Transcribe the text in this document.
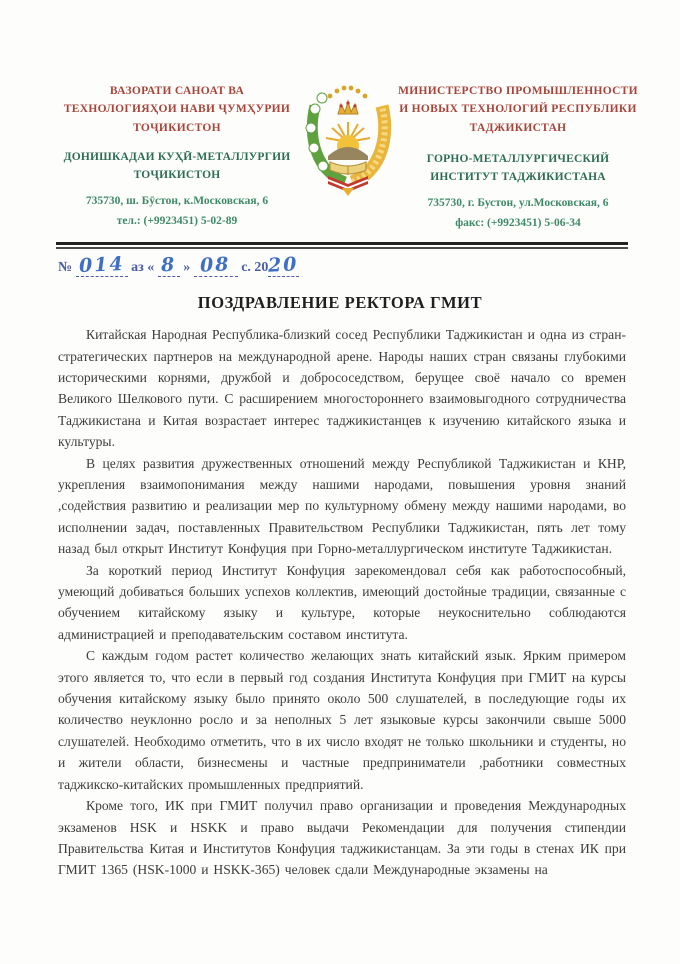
ВАЗОРАТИ САНОАТ ВА ТЕХНОЛОГИЯҲОИ НАВИ ҶУМҲУРИИ ТОҶИКИСТОН
ДОНИШКАДАИ КУҲӢ-МЕТАЛЛУРГИИ ТОҶИКИСТОН
735730, ш. Бӯстон, к.Московская, 6
тел.: (+9923451) 5-02-89
МИНИСТЕРСТВО ПРОМЫШЛЕННОСТИ И НОВЫХ ТЕХНОЛОГИЙ РЕСПУБЛИКИ ТАДЖИКИСТАН
ГОРНО-МЕТАЛЛУРГИЧЕСКИЙ ИНСТИТУТ ТАДЖИКИСТАНА
735730, г. Бустон, ул.Московская, 6
факс: (+9923451) 5-06-34
№ 014 аз « 8 » 08 с. 2020
ПОЗДРАВЛЕНИЕ РЕКТОРА ГМИТ

Китайская Народная Республика-близкий сосед Республики Таджикистан и одна из стран-стратегических партнеров на международной арене. Народы наших стран связаны глубокими историческими корнями, дружбой и добрососедством, берущее своё начало со времен Великого Шелкового пути. С расширением многостороннего взаимовыгодного сотрудничества Таджикистана и Китая возрастает интерес таджикистанцев к изучению китайского языка и культуры.

В целях развития дружественных отношений между Республикой Таджикистан и КНР, укрепления взаимопонимания между нашими народами, повышения уровня знаний ,содействия развитию и реализации мер по культурному обмену между нашими народами, во исполнении задач, поставленных Правительством Республики Таджикистан, пять лет тому назад был открыт Институт Конфуция при Горно-металлургическом институте Таджикистан.

За короткий период Институт Конфуция зарекомендовал себя как работоспособный, умеющий добиваться больших успехов коллектив, имеющий достойные традиции, связанные с обучением китайскому языку и культуре, которые неукоснительно соблюдаются администрацией и преподавательским составом института.

С каждым годом растет количество желающих знать китайский язык. Ярким примером этого является то, что если в первый год создания Института Конфуция при ГМИТ на курсы обучения китайскому языку было принято около 500 слушателей, в последующие годы их количество неуклонно росло и за неполных 5 лет языковые курсы закончили свыше 5000 слушателей. Необходимо отметить, что в их число входят не только школьники и студенты, но и жители области, бизнесмены и частные предприниматели ,работники совместных таджикско-китайских промышленных предприятий.

Кроме того, ИК при ГМИТ получил право организации и проведения Международных экзаменов HSK и HSKK и право выдачи Рекомендации для получения стипендии Правительства Китая и Институтов Конфуция таджикистанцам. За эти годы в стенах ИК при ГМИТ 1365 (HSK-1000 и HSKK-365) человек сдали Международные экзамены на
